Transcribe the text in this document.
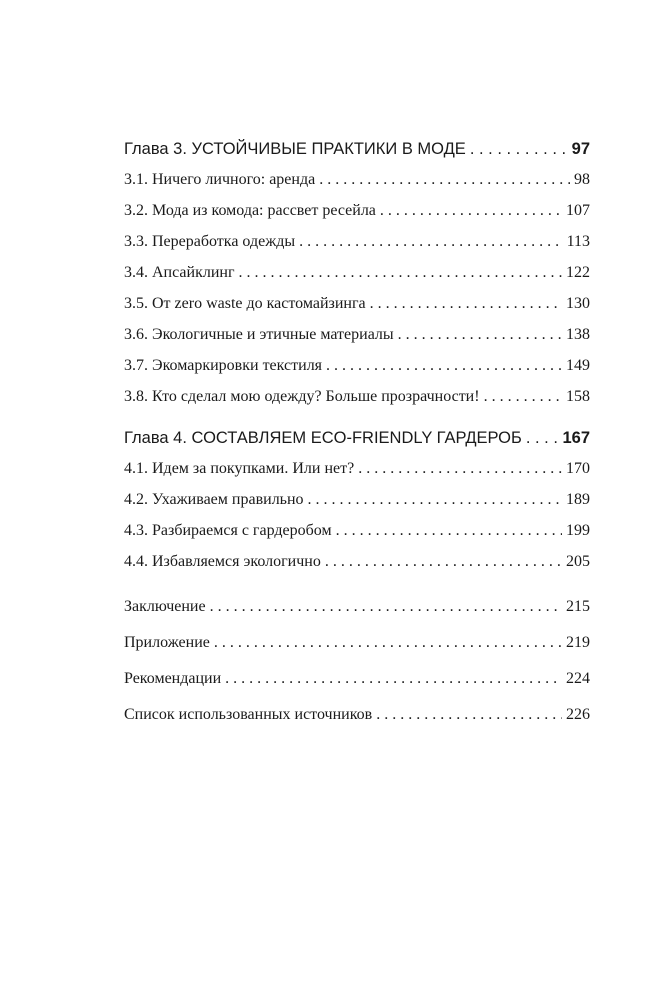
Глава 3. УСТОЙЧИВЫЕ ПРАКТИКИ В МОДЕ . . .	97
3.1. Ничего личного: аренда . . .	98
3.2. Мода из комода: рассвет ресейла . . .	107
3.3. Переработка одежды . . .	113
3.4. Апсайклинг . . .	122
3.5. От zero waste до кастомайзинга . . .	130
3.6. Экологичные и этичные материалы . . .	138
3.7. Экомаркировки текстиля . . .	149
3.8. Кто сделал мою одежду? Больше прозрачности! . . .	158
Глава 4. СОСТАВЛЯЕМ ECO-FRIENDLY ГАРДЕРОБ . . . 167
4.1. Идем за покупками. Или нет? . . .	170
4.2. Ухаживаем правильно . . .	189
4.3. Разбираемся с гардеробом . . .	199
4.4. Избавляемся экологично . . .	205
Заключение . . .	215
Приложение . . .	219
Рекомендации . . .	224
Список использованных источников . . .	226
